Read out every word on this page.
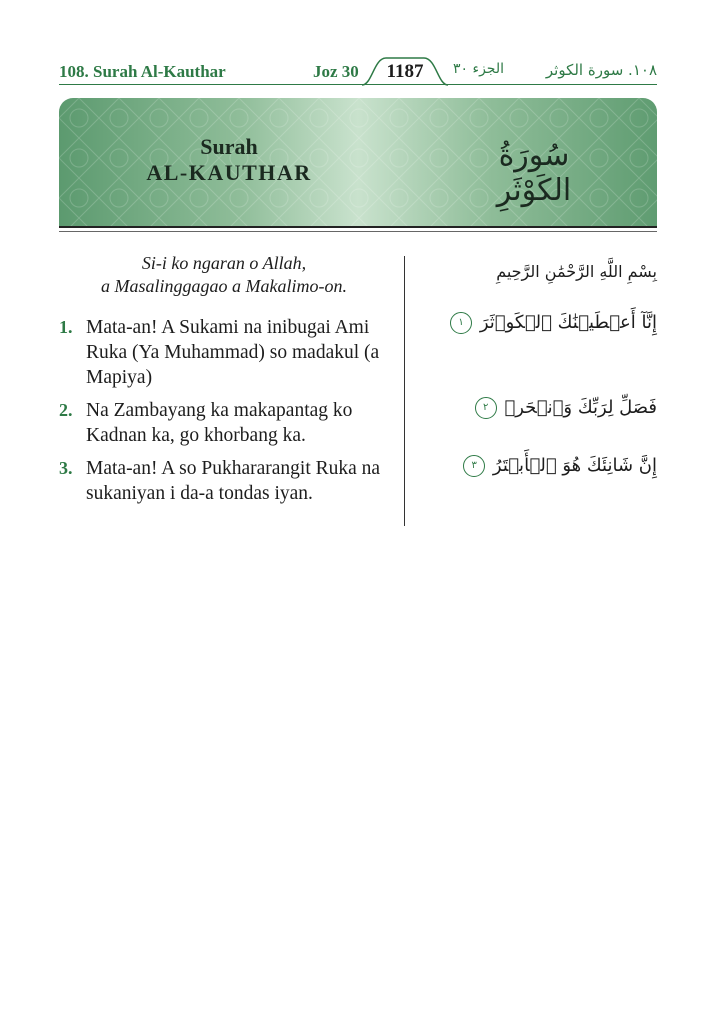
108. Surah Al-Kauthar	Joz 30	1187	الجزء ٣٠	١٠٨. سورة الكوثر
Surah
AL-KAUTHAR	سُورَةُ الكَوْثَرِ
Si-i ko ngaran o Allah,
a Masalinggagao a Makalimo-on.
1. Mata-an! A Sukami na inibugai Ami Ruka (Ya Muhammad) so madakul (a Mapiya)
2. Na Zambayang ka makapantag ko Kadnan ka, go khorbang ka.
3. Mata-an! A so Pukhararangit Ruka na sukaniyan i da-a tondas iyan.
بِسْمِ اللَّهِ الرَّحْمَٰنِ الرَّحِيمِ
إِنَّآ أَعۡطَيۡنَٰكَ ٱلۡكَوۡثَرَ ١
فَصَلِّ لِرَبِّكَ وَٱنۡحَرۡ ٢
إِنَّ شَانِئَكَ هُوَ ٱلۡأَبۡتَرُ ٣
